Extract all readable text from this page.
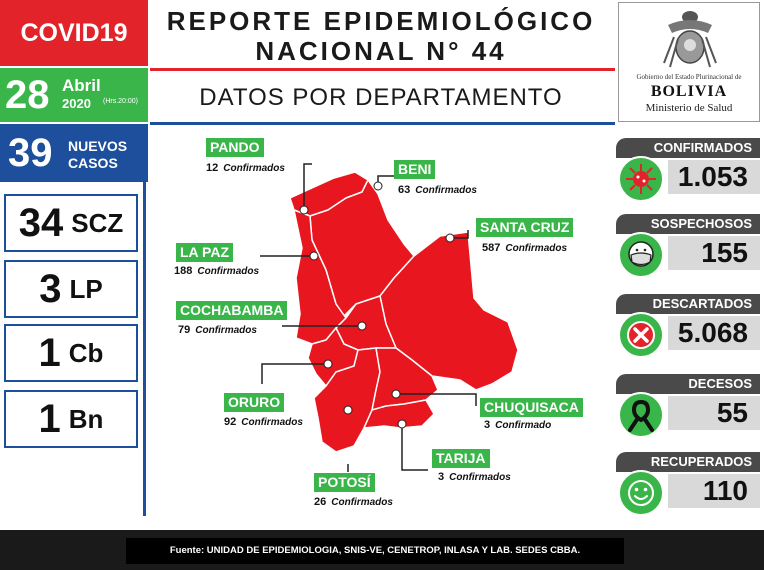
COVID19
28 Abril
2020 (Hrs.20:00)
39 NUEVOS
CASOS
34 SCZ
3 LP
1 Cb
1 Bn
REPORTE EPIDEMIOLÓGICO
NACIONAL N° 44
DATOS POR DEPARTAMENTO
Gobierno del Estado Plurinacional de
BOLIVIA
Ministerio de Salud
PANDO
12 Confirmados	BENI
63 Confirmados
LA PAZ
188 Confirmados
SANTA CRUZ
587 Confirmados
COCHABAMBA
79 Confirmados
ORURO
92 Confirmados
CHUQUISACA
3 Confirmado
POTOSÍ
26 Confirmados
TARIJA
3 Confirmados
CONFIRMADOS
1.053
SOSPECHOSOS
155
DESCARTADOS
5.068
DECESOS
55
RECUPERADOS
110
Fuente: UNIDAD DE EPIDEMIOLOGIA, SNIS-VE, CENETROP, INLASA Y LAB. SEDES CBBA.
